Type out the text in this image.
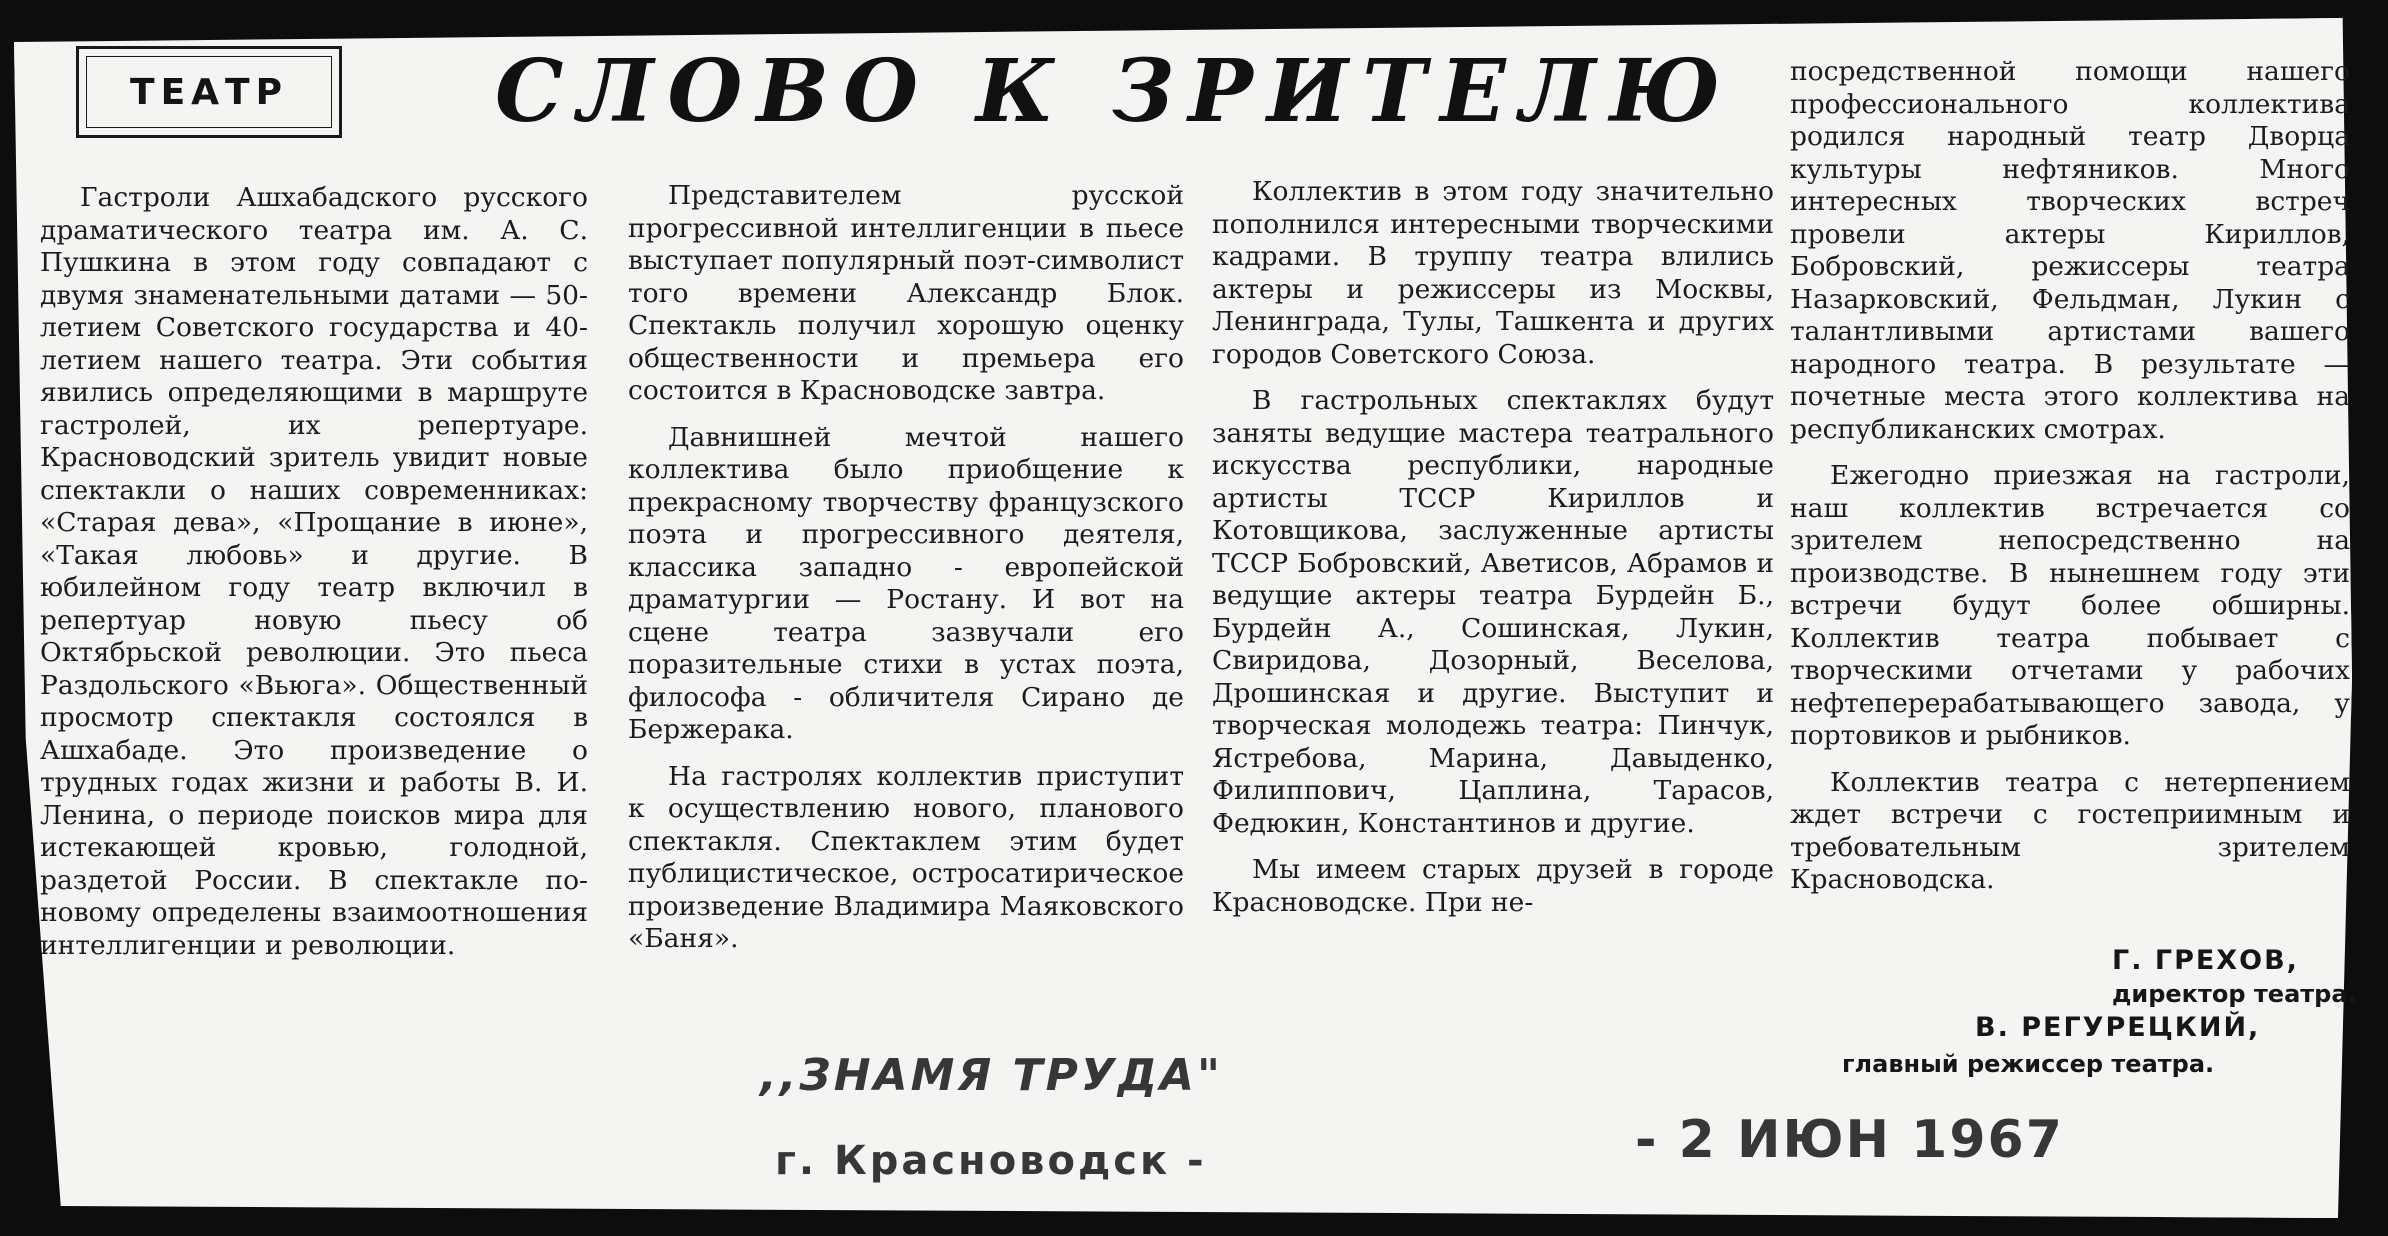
ТЕАТР	СЛОВО К ЗРИТЕЛЮ

Гастроли Ашхабадского русского драматического театра им. А. С. Пушкина в этом году совпадают с двумя знаменательными датами — 50-летием Советского государства и 40-летием нашего театра. Эти события явились определяющими в маршруте гастролей, их репертуаре. Красноводский зритель увидит новые спектакли о наших современниках: «Старая дева», «Прощание в июне», «Такая любовь» и другие. В юбилейном году театр включил в репертуар новую пьесу об Октябрьской революции. Это пьеса Раздольского «Вьюга». Общественный просмотр спектакля состоялся в Ашхабаде. Это произведение о трудных годах жизни и работы В. И. Ленина, о периоде поисков мира для истекающей кровью, голодной, раздетой России. В спектакле по-новому определены взаимоотношения интеллигенции и революции.

Представителем русской прогрессивной интеллигенции в пьесе выступает популярный поэт-символист того времени Александр Блок. Спектакль получил хорошую оценку общественности и премьера его состоится в Красноводске завтра.

Давнишней мечтой нашего коллектива было приобщение к прекрасному творчеству французского поэта и прогрессивного деятеля, классика западно - европейской драматургии — Ростану. И вот на сцене театра зазвучали его поразительные стихи в устах поэта, философа - обличителя Сирано де Бержерака.

На гастролях коллектив приступит к осуществлению нового, планового спектакля. Спектаклем этим будет публицистическое, остросатирическое произведение Владимира Маяковского «Баня».

Коллектив в этом году значительно пополнился интересными творческими кадрами. В труппу театра влились актеры и режиссеры из Москвы, Ленинграда, Тулы, Ташкента и других городов Советского Союза.

В гастрольных спектаклях будут заняты ведущие мастера театрального искусства республики, народные артисты ТССР Кириллов и Котовщикова, заслуженные артисты ТССР Бобровский, Аветисов, Абрамов и ведущие актеры театра Бурдейн Б., Бурдейн А., Сошинская, Лукин, Свиридова, Дозорный, Веселова, Дрошинская и другие. Выступит и творческая молодежь театра: Пинчук, Ястребова, Марина, Давыденко, Филиппович, Цаплина, Тарасов, Федюкин, Константинов и другие.

Мы имеем старых друзей в городе Красноводске. При не-

посредственной помощи нашего профессионального коллектива родился народный театр Дворца культуры нефтяников. Много интересных творческих встреч провели актеры Кириллов, Бобровский, режиссеры театра Назарковский, Фельдман, Лукин с талантливыми артистами вашего народного театра. В результате — почетные места этого коллектива на республиканских смотрах.

Ежегодно приезжая на гастроли, наш коллектив встречается со зрителем непосредственно на производстве. В нынешнем году эти встречи будут более обширны. Коллектив театра побывает с творческими отчетами у рабочих нефтеперерабатывающего завода, у портовиков и рыбников.

Коллектив театра с нетерпением ждет встречи с гостеприимным и требовательным зрителем Красноводска.

Г. ГРЕХОВ,
директор театра.
В. РЕГУРЕЦКИЙ,
главный режиссер театра.
,,ЗНАМЯ ТРУДА"
г. Красноводск -	- 2 ИЮН 1967
